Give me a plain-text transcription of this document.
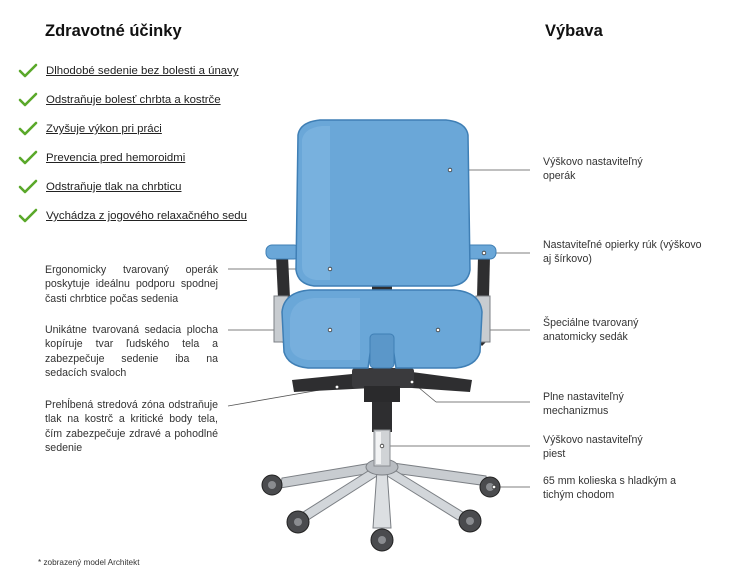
Zdravotné účinky	Výbava
Dlhodobé sedenie bez bolesti a únavy
Odstraňuje bolesť chrbta a kostrče
Zvyšuje výkon pri práci
Prevencia pred hemoroidmi
Odstraňuje tlak na chrbticu
Vychádza z jogového relaxačného sedu
Ergonomicky tvarovaný operák poskytuje ideálnu podporu spodnej časti chrbtice počas sedenia
Unikátne tvarovaná sedacia plocha kopíruje tvar ľudského tela a zabezpečuje sedenie iba na sedacích svaloch
Prehĺbená stredová zóna odstraňuje tlak na kostrč a kritické body tela, čím zabezpečuje zdravé a pohodlné sedenie
Výškovo nastaviteľný operák
Nastaviteľné opierky rúk (výškovo aj šírkovo)
Špeciálne tvarovaný anatomicky sedák
Plne nastaviteľný mechanizmus
Výškovo nastaviteľný piest
65 mm kolieska s hladkým a tichým chodom
* zobrazený model Architekt
